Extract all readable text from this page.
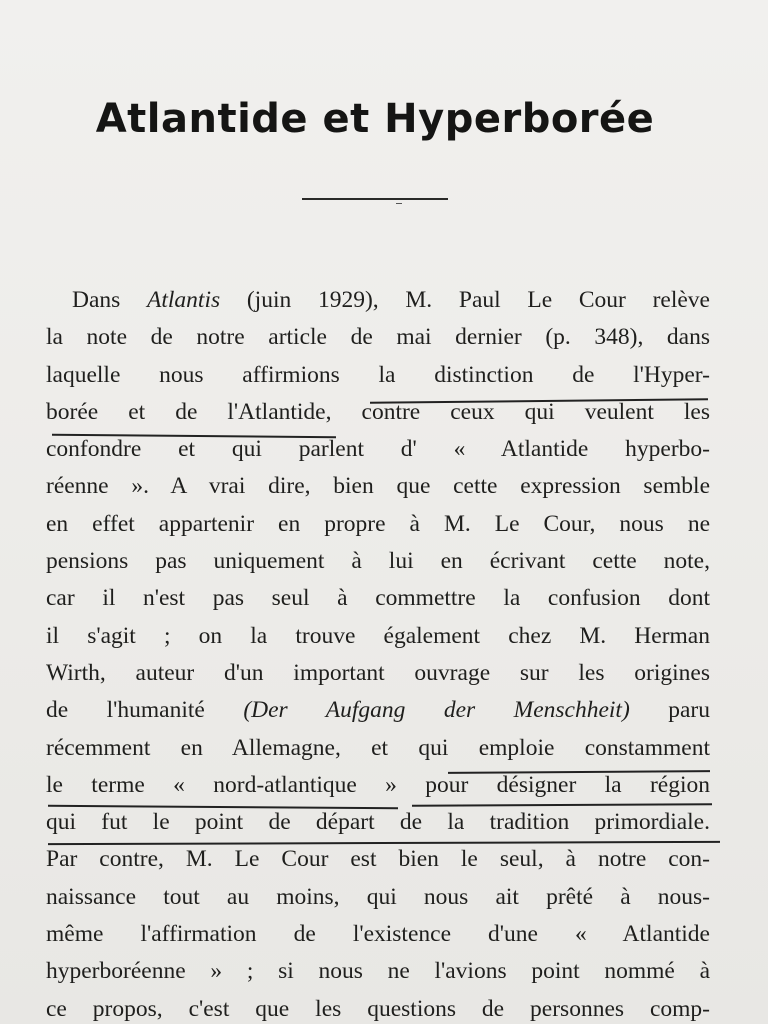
Atlantide et Hyperborée
Dans Atlantis (juin 1929), M. Paul Le Cour relève
la note de notre article de mai dernier (p. 348), dans
laquelle nous affirmions la distinction de l'Hyper-
borée et de l'Atlantide, contre ceux qui veulent les
confondre et qui parlent d' « Atlantide hyperbo-
réenne ». A vrai dire, bien que cette expression semble
en effet appartenir en propre à M. Le Cour, nous ne
pensions pas uniquement à lui en écrivant cette note,
car il n'est pas seul à commettre la confusion dont
il s'agit ; on la trouve également chez M. Herman
Wirth, auteur d'un important ouvrage sur les origines
de l'humanité (Der Aufgang der Menschheit) paru
récemment en Allemagne, et qui emploie constamment
le terme « nord-atlantique » pour désigner la région
qui fut le point de départ de la tradition primordiale.
Par contre, M. Le Cour est bien le seul, à notre con-
naissance tout au moins, qui nous ait prêté à nous-
même l'affirmation de l'existence d'une « Atlantide
hyperboréenne » ; si nous ne l'avions point nommé à
ce propos, c'est que les questions de personnes comp-
